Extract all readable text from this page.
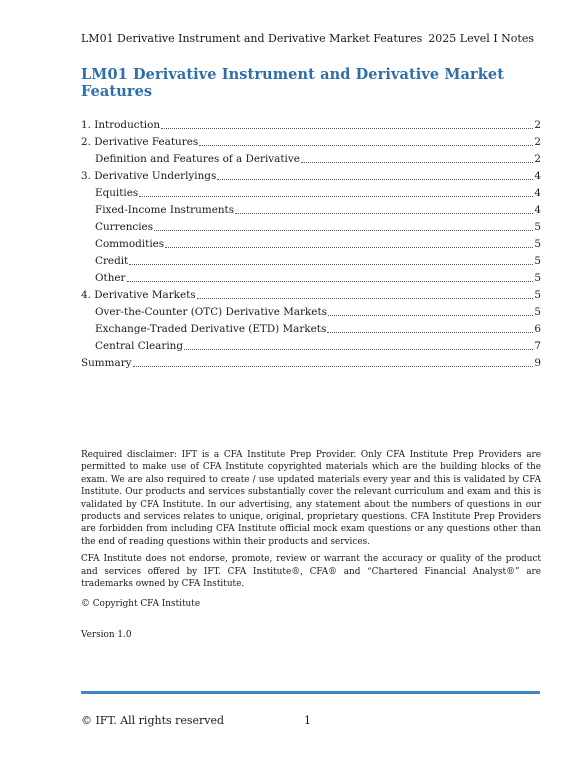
LM01 Derivative Instrument and Derivative Market Features 2025 Level I Notes
LM01 Derivative Instrument and Derivative Market Features
1. Introduction	2
2. Derivative Features	2
Definition and Features of a Derivative	2
3. Derivative Underlyings	4
Equities	4
Fixed-Income Instruments	4
Currencies	5
Commodities	5
Credit	5
Other	5
4. Derivative Markets	5
Over-the-Counter (OTC) Derivative Markets	5
Exchange-Traded Derivative (ETD) Markets	6
Central Clearing	7
Summary	9

Required disclaimer: IFT is a CFA Institute Prep Provider. Only CFA Institute Prep Providers are permitted to make use of CFA Institute copyrighted materials which are the building blocks of the exam. We are also required to create / use updated materials every year and this is validated by CFA Institute. Our products and services substantially cover the relevant curriculum and exam and this is validated by CFA Institute. In our advertising, any statement about the numbers of questions in our products and services relates to unique, original, proprietary questions. CFA Institute Prep Providers are forbidden from including CFA Institute official mock exam questions or any questions other than the end of reading questions within their products and services.

CFA Institute does not endorse, promote, review or warrant the accuracy or quality of the product and services offered by IFT. CFA Institute®, CFA® and “Chartered Financial Analyst®” are trademarks owned by CFA Institute.

© Copyright CFA Institute
Version 1.0
© IFT. All rights reserved	1
